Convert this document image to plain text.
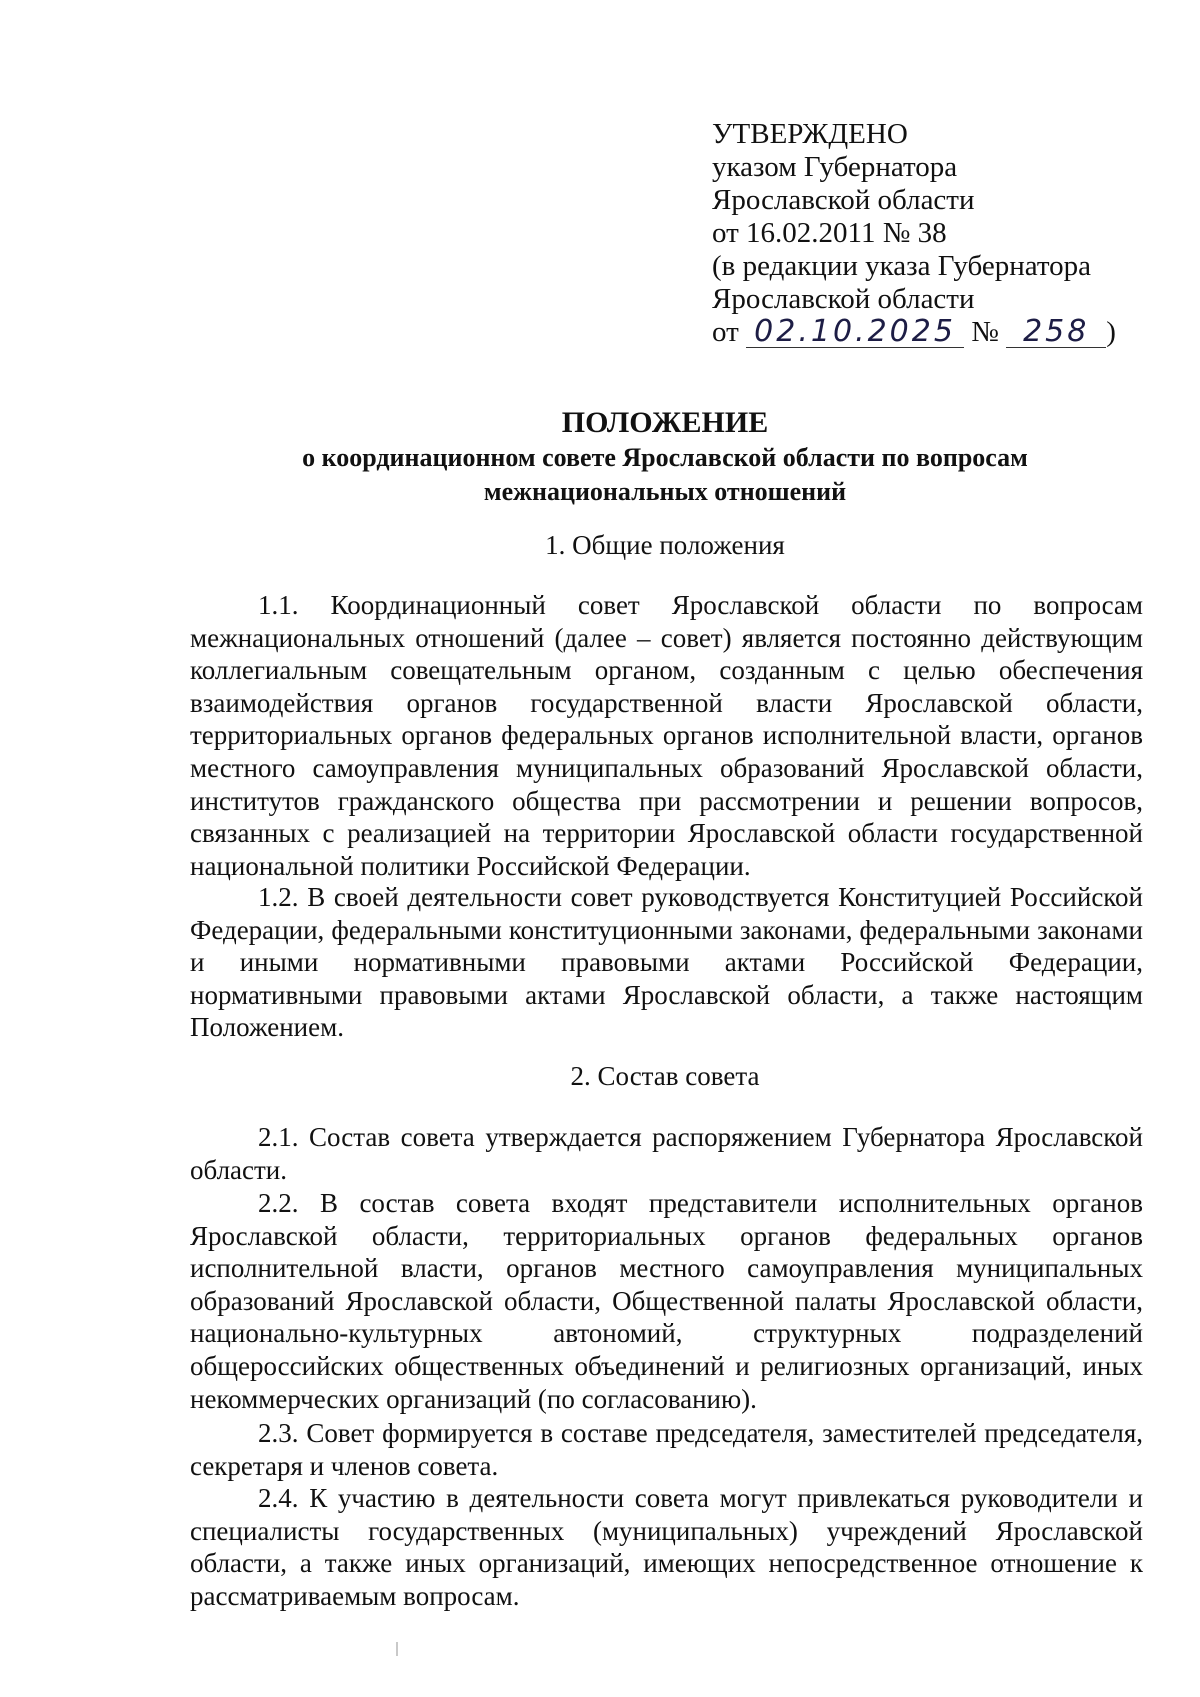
УТВЕРЖДЕНО
указом Губернатора
Ярославской области
от 16.02.2011 № 38
(в редакции указа Губернатора
Ярославской области
от 02.10.2025 № 258 )
ПОЛОЖЕНИЕ
о координационном совете Ярославской области по вопросам
межнациональных отношений
1. Общие положения

1.1. Координационный совет Ярославской области по вопросам межнациональных отношений (далее – совет) является постоянно действующим коллегиальным совещательным органом, созданным с целью обеспечения взаимодействия органов государственной власти Ярославской области, территориальных органов федеральных органов исполнительной власти, органов местного самоуправления муниципальных образований Ярославской области, институтов гражданского общества при рассмотрении и решении вопросов, связанных с реализацией на территории Ярославской области государственной национальной политики Российской Федерации.

1.2. В своей деятельности совет руководствуется Конституцией Российской Федерации, федеральными конституционными законами, федеральными законами и иными нормативными правовыми актами Российской Федерации, нормативными правовыми актами Ярославской области, а также настоящим Положением.

2. Состав совета

2.1. Состав совета утверждается распоряжением Губернатора Ярославской области.

2.2. В состав совета входят представители исполнительных органов Ярославской области, территориальных органов федеральных органов исполнительной власти, органов местного самоуправления муниципальных образований Ярославской области, Общественной палаты Ярославской области, национально-культурных автономий, структурных подразделений общероссийских общественных объединений и религиозных организаций, иных некоммерческих организаций (по согласованию).

2.3. Совет формируется в составе председателя, заместителей председателя, секретаря и членов совета.

2.4. К участию в деятельности совета могут привлекаться руководители и специалисты государственных (муниципальных) учреждений Ярославской области, а также иных организаций, имеющих непосредственное отношение к рассматриваемым вопросам.
